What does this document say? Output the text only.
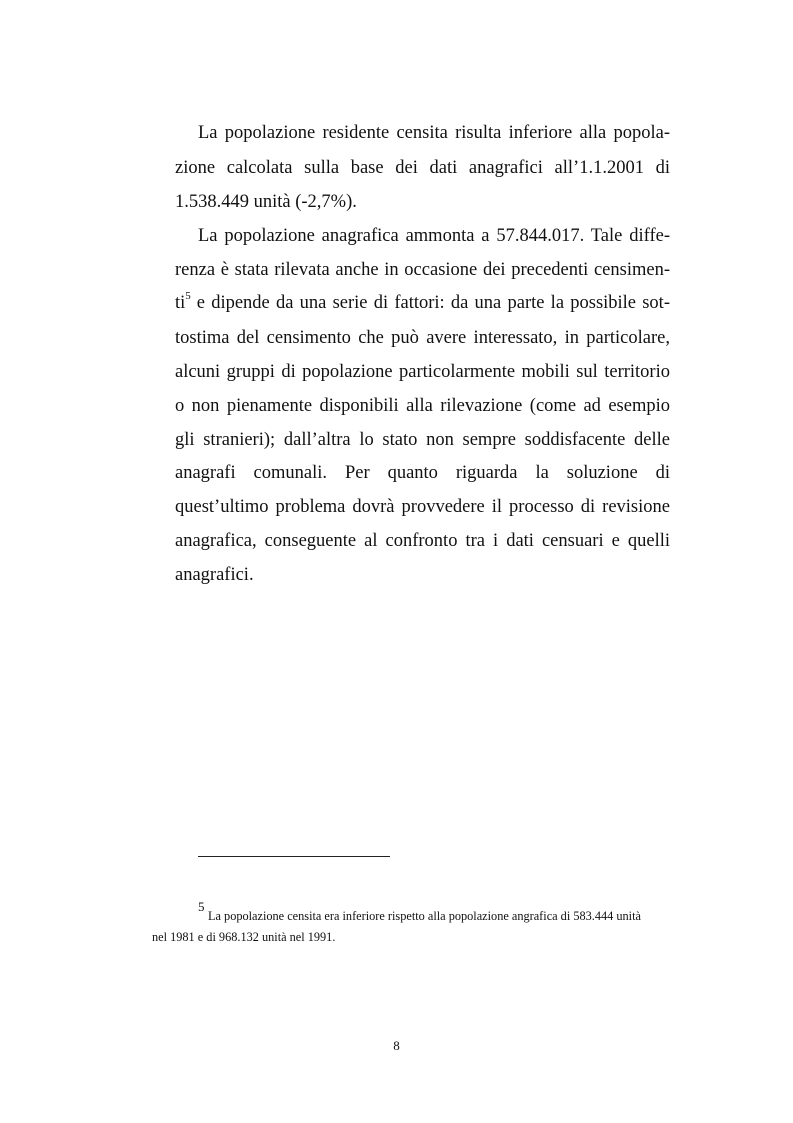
La popolazione residente censita risulta inferiore alla popola-
zione calcolata sulla base dei dati anagrafici all’1.1.2001 di
1.538.449 unità (-2,7%).
La popolazione anagrafica ammonta a 57.844.017. Tale diffe-
renza è stata rilevata anche in occasione dei precedenti censimen-
$ti^5$ e dipende da una serie di fattori: da una parte la possibile sot-
tostima del censimento che può avere interessato, in particolare,
alcuni gruppi di popolazione particolarmente mobili sul territorio
o non pienamente disponibili alla rilevazione (come ad esempio
gli stranieri); dall’altra lo stato non sempre soddisfacente delle
anagrafi comunali. Per quanto riguarda la soluzione di
quest’ultimo problema dovrà provvedere il processo di revisione
anagrafica, conseguente al confronto tra i dati censuari e quelli
anagrafici.
5
La popolazione censita era inferiore rispetto alla popolazione angrafica di 583.444 unità
nel 1981 e di 968.132 unità nel 1991.
8
